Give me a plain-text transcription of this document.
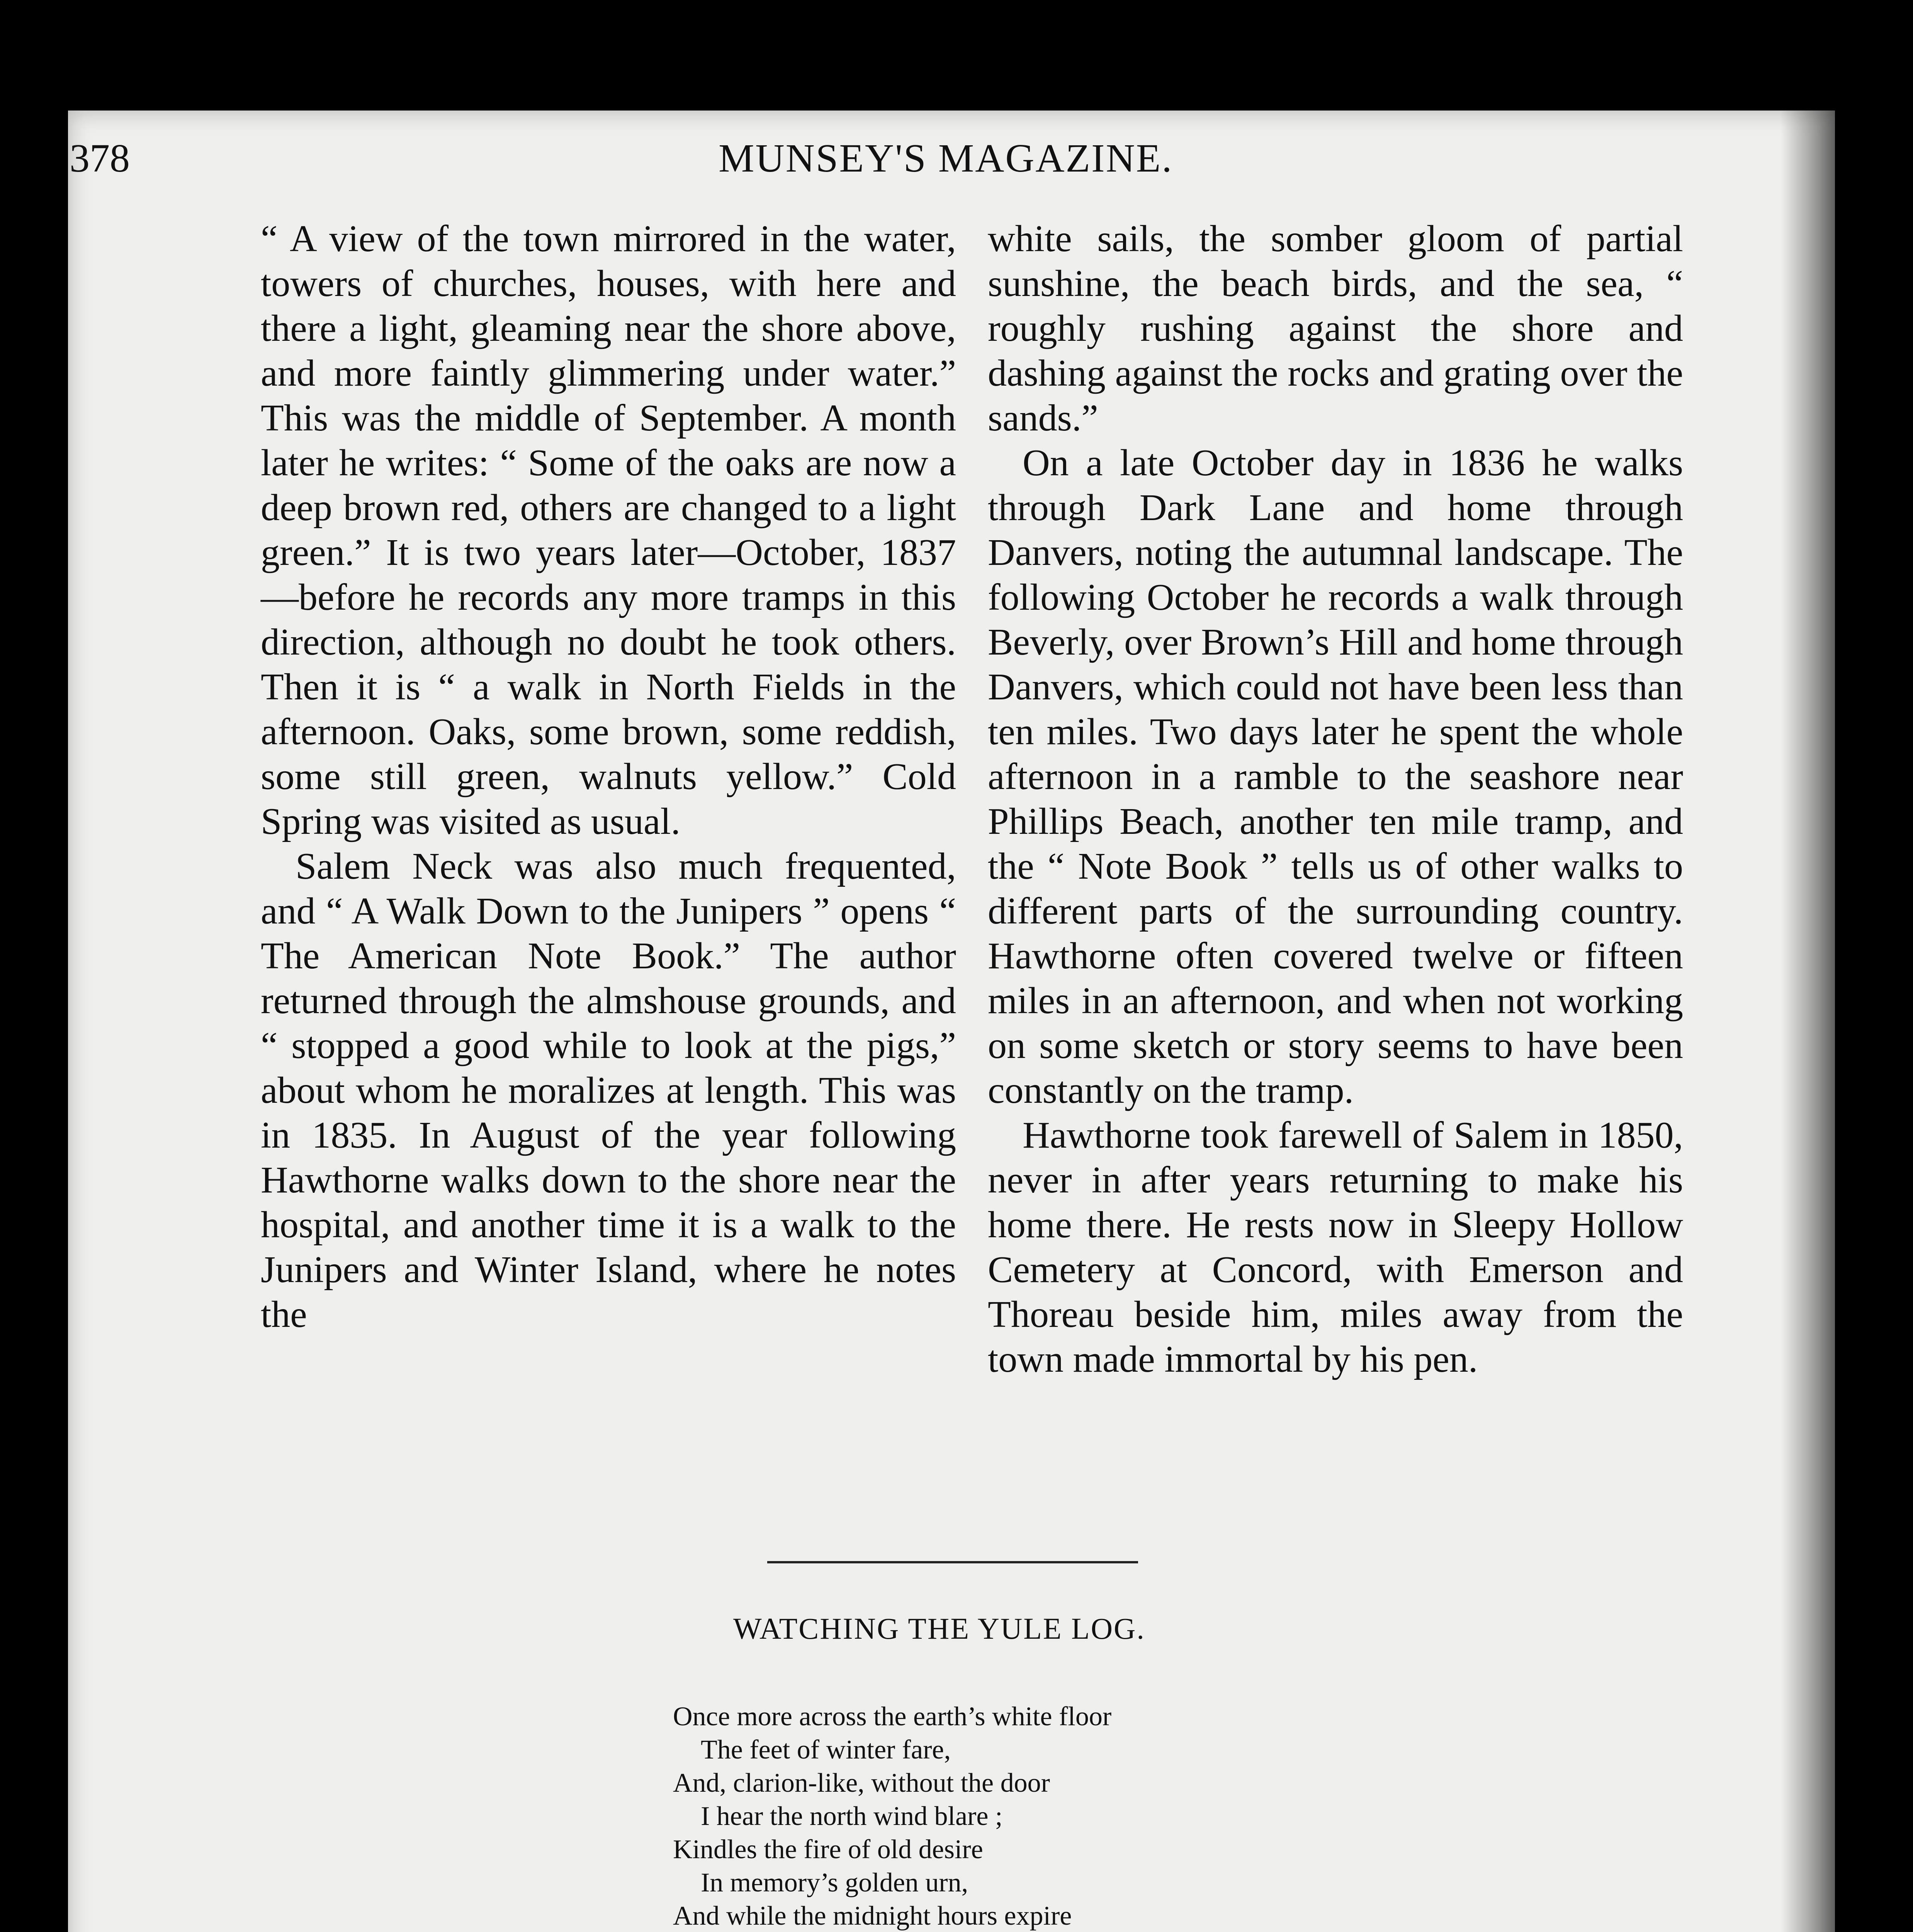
378	MUNSEY'S MAGAZINE.

“ A view of the town mirrored in the water, towers of churches, houses, with here and there a light, gleaming near the shore above, and more faintly glimmering under water.” This was the middle of September. A month later he writes: “ Some of the oaks are now a deep brown red, others are changed to a light green.” It is two years later—October, 1837—before he records any more tramps in this direction, although no doubt he took others. Then it is “ a walk in North Fields in the afternoon. Oaks, some brown, some reddish, some still green, walnuts yellow.” Cold Spring was visited as usual.

Salem Neck was also much frequented, and “ A Walk Down to the Junipers ” opens “ The American Note Book.” The author returned through the almshouse grounds, and “ stopped a good while to look at the pigs,” about whom he moralizes at length. This was in 1835. In August of the year following Hawthorne walks down to the shore near the hospital, and another time it is a walk to the Junipers and Winter Island, where he notes the

white sails, the somber gloom of partial sunshine, the beach birds, and the sea, “ roughly rushing against the shore and dashing against the rocks and grating over the sands.”

On a late October day in 1836 he walks through Dark Lane and home through Danvers, noting the autumnal landscape. The following October he records a walk through Beverly, over Brown’s Hill and home through Danvers, which could not have been less than ten miles. Two days later he spent the whole afternoon in a ramble to the seashore near Phillips Beach, another ten mile tramp, and the “ Note Book ” tells us of other walks to different parts of the surrounding country. Hawthorne often covered twelve or fifteen miles in an afternoon, and when not working on some sketch or story seems to have been constantly on the tramp.

Hawthorne took farewell of Salem in 1850, never in after years returning to make his home there. He rests now in Sleepy Hollow Cemetery at Concord, with Emerson and Thoreau beside him, miles away from the town made immortal by his pen.

WATCHING THE YULE LOG.
Once more across the earth’s white floor
The feet of winter fare,
And, clarion-like, without the door
I hear the north wind blare ;
Kindles the fire of old desire
In memory’s golden urn,
And while the midnight hours expire
